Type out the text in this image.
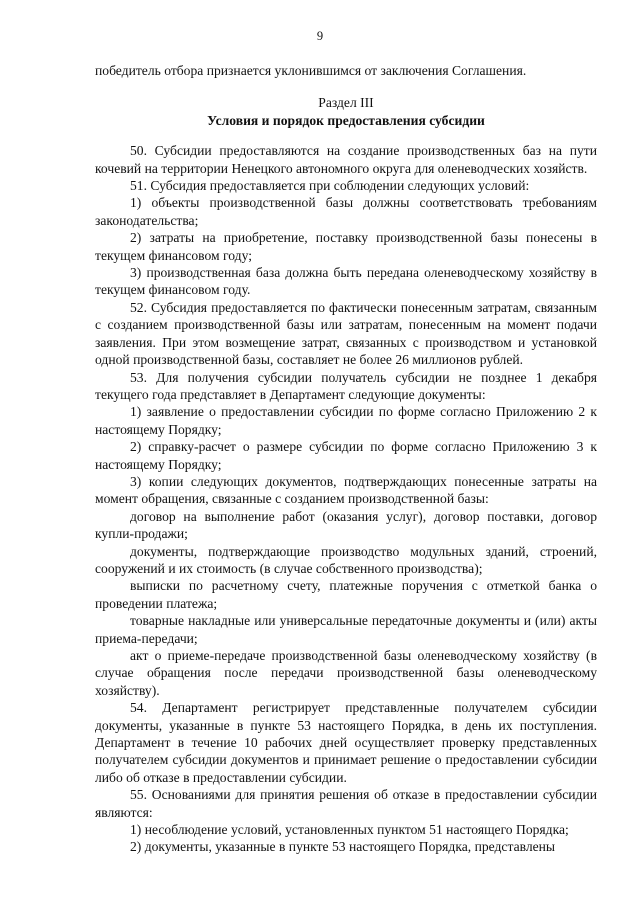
9

победитель отбора признается уклонившимся от заключения Соглашения.

Раздел III

Условия и порядок предоставления субсидии

50. Субсидии предоставляются на создание производственных баз на пути кочевий на территории Ненецкого автономного округа для оленеводческих хозяйств.

51. Субсидия предоставляется при соблюдении следующих условий:

1) объекты производственной базы должны соответствовать требованиям законодательства;

2) затраты на приобретение, поставку производственной базы понесены в текущем финансовом году;

3) производственная база должна быть передана оленеводческому хозяйству в текущем финансовом году.

52. Субсидия предоставляется по фактически понесенным затратам, связанным с созданием производственной базы или затратам, понесенным на момент подачи заявления. При этом возмещение затрат, связанных с производством и установкой одной производственной базы, составляет не более 26 миллионов рублей.

53. Для получения субсидии получатель субсидии не позднее 1 декабря текущего года представляет в Департамент следующие документы:

1) заявление о предоставлении субсидии по форме согласно Приложению 2 к настоящему Порядку;

2) справку-расчет о размере субсидии по форме согласно Приложению 3 к настоящему Порядку;

3) копии следующих документов, подтверждающих понесенные затраты на момент обращения, связанные с созданием производственной базы:

договор на выполнение работ (оказания услуг), договор поставки, договор купли-продажи;

документы, подтверждающие производство модульных зданий, строений, сооружений и их стоимость (в случае собственного производства);

выписки по расчетному счету, платежные поручения с отметкой банка о проведении платежа;

товарные накладные или универсальные передаточные документы и (или) акты приема-передачи;

акт о приеме-передаче производственной базы оленеводческому хозяйству (в случае обращения после передачи производственной базы оленеводческому хозяйству).

54. Департамент регистрирует представленные получателем субсидии документы, указанные в пункте 53 настоящего Порядка, в день их поступления. Департамент в течение 10 рабочих дней осуществляет проверку представленных получателем субсидии документов и принимает решение о предоставлении субсидии либо об отказе в предоставлении субсидии.

55. Основаниями для принятия решения об отказе в предоставлении субсидии являются:

1) несоблюдение условий, установленных пунктом 51 настоящего Порядка;

2) документы, указанные в пункте 53 настоящего Порядка, представлены
